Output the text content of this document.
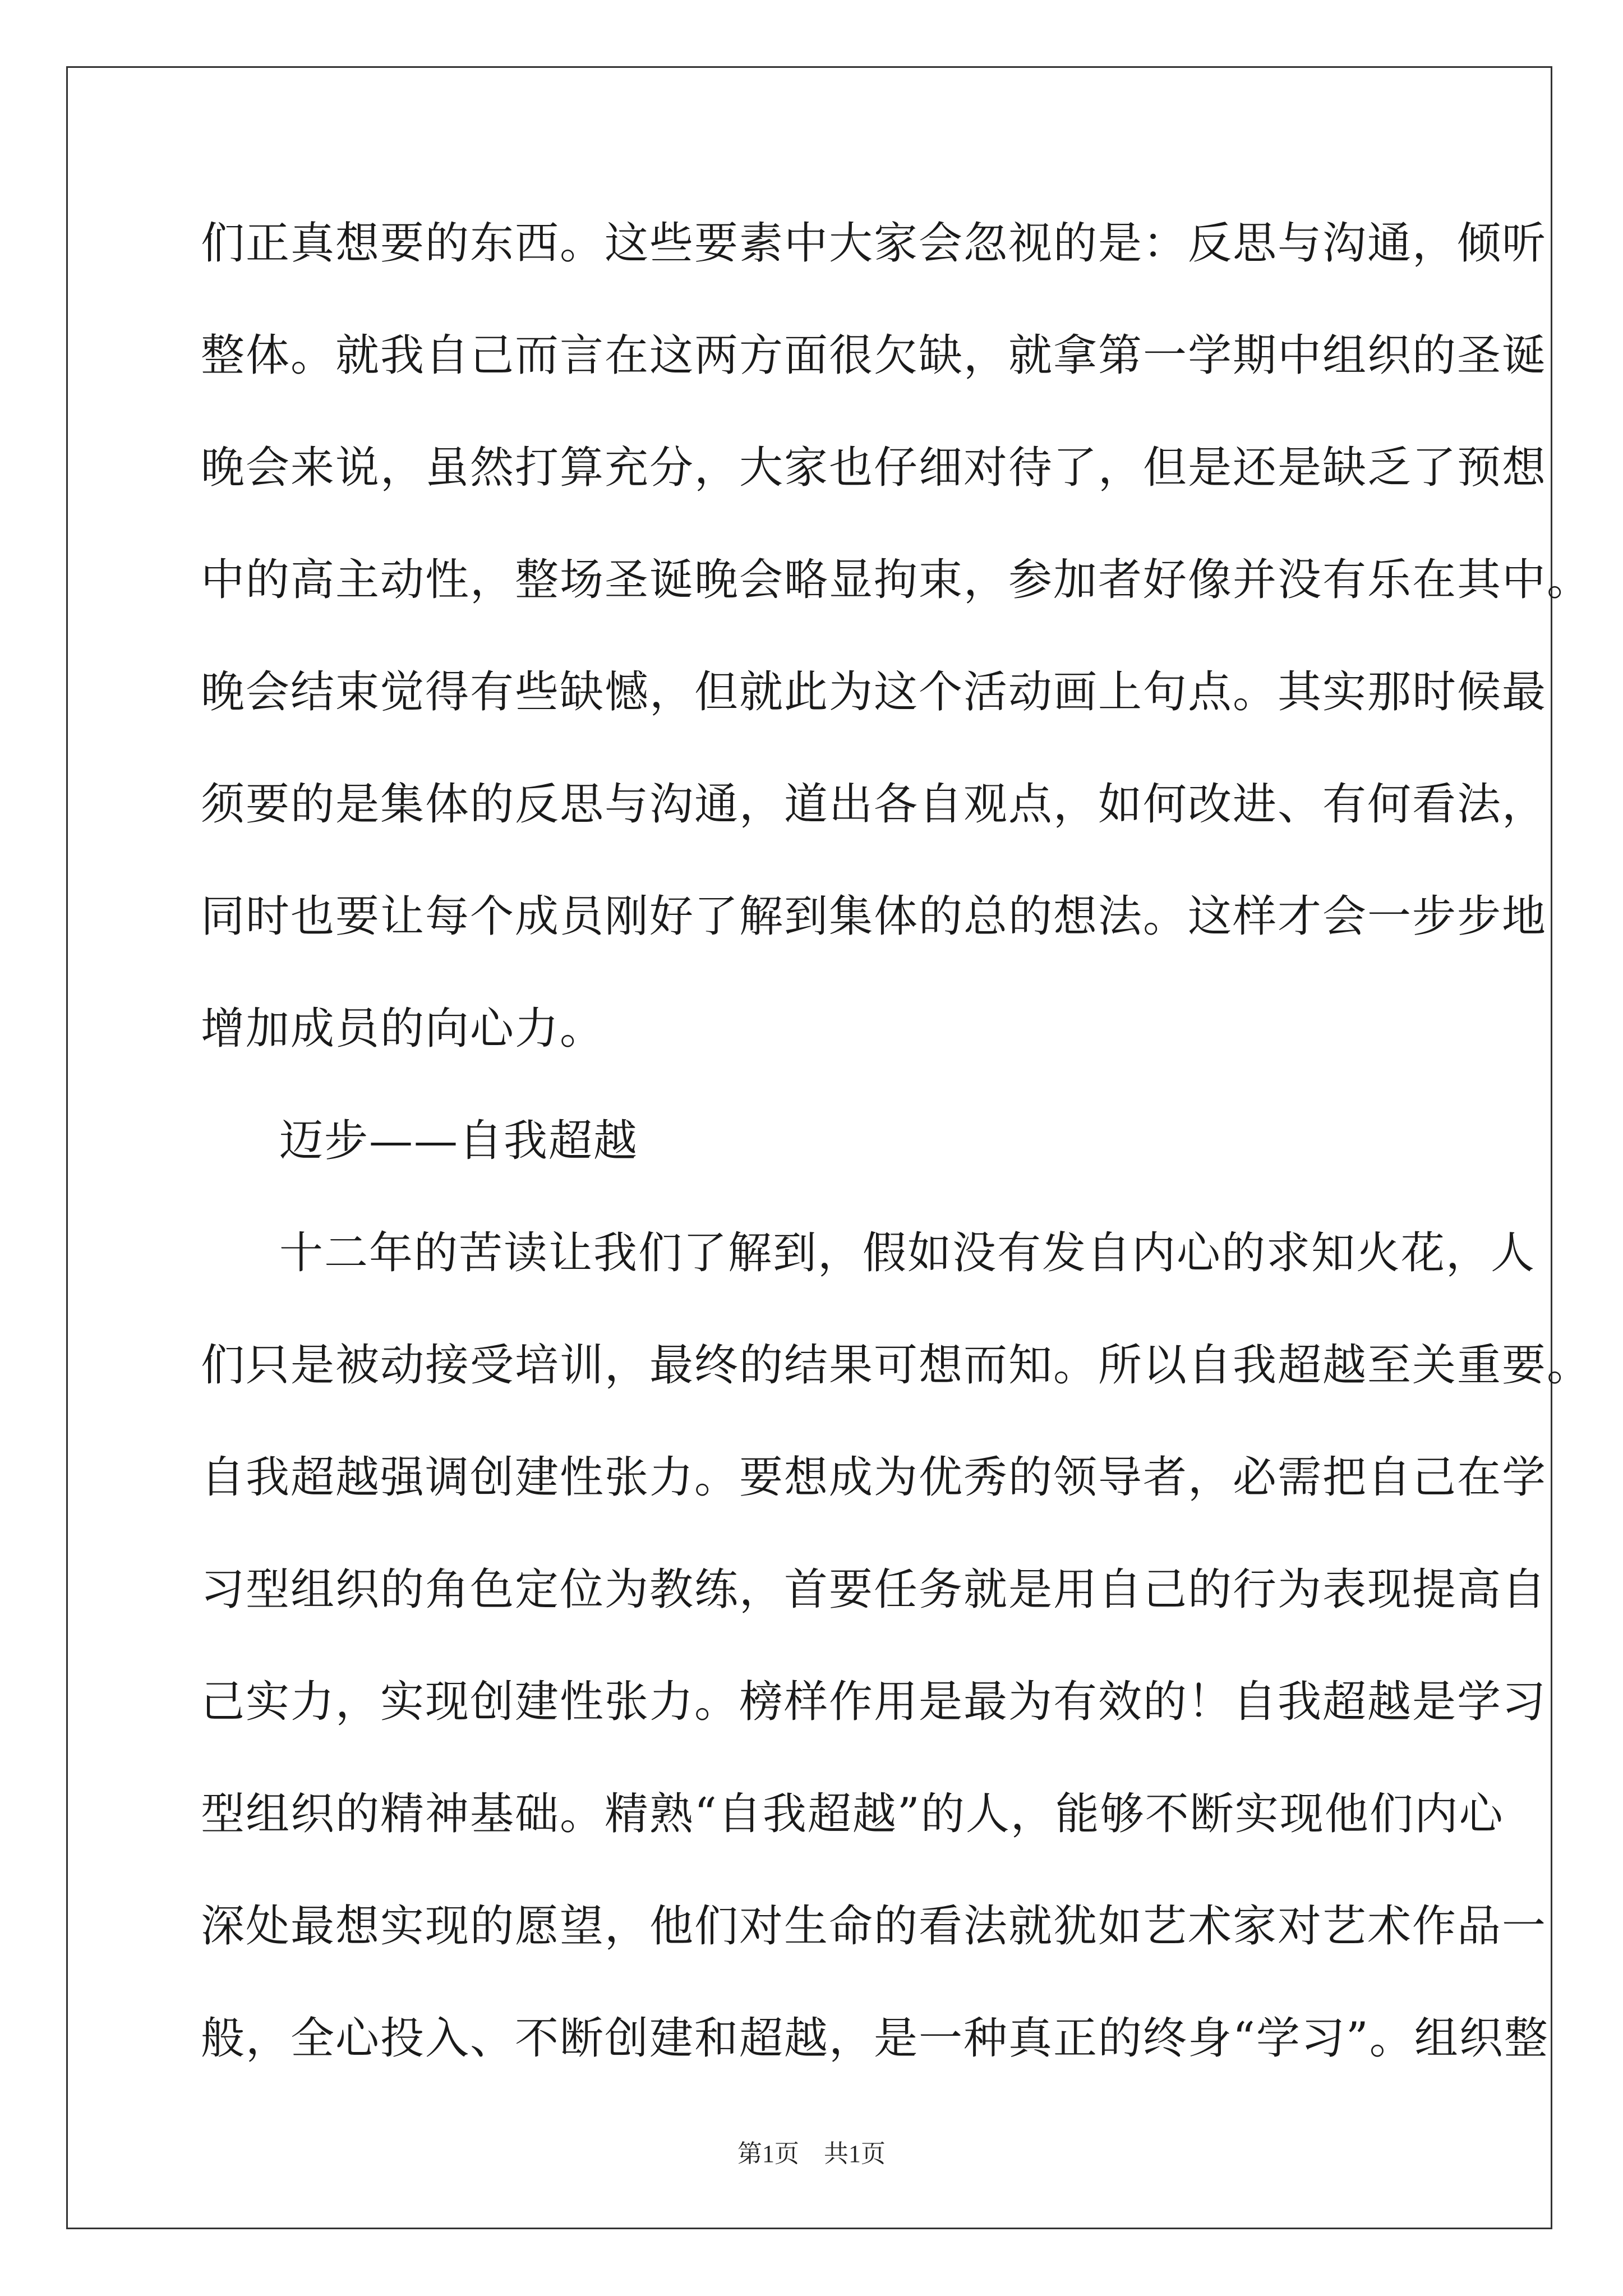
们正真想要的东西。这些要素中大家会忽视的是：反思与沟通，倾听
整体。就我自己而言在这两方面很欠缺，就拿第一学期中组织的圣诞
晚会来说，虽然打算充分，大家也仔细对待了，但是还是缺乏了预想
中的高主动性，整场圣诞晚会略显拘束，参加者好像并没有乐在其中。
晚会结束觉得有些缺憾，但就此为这个活动画上句点。其实那时候最
须要的是集体的反思与沟通，道出各自观点，如何改进、有何看法，
同时也要让每个成员刚好了解到集体的总的想法。这样才会一步步地
增加成员的向心力。
迈步——自我超越
十二年的苦读让我们了解到，假如没有发自内心的求知火花，人
们只是被动接受培训，最终的结果可想而知。所以自我超越至关重要。
自我超越强调创建性张力。要想成为优秀的领导者，必需把自己在学
习型组织的角色定位为教练，首要任务就是用自己的行为表现提高自
己实力，实现创建性张力。榜样作用是最为有效的！自我超越是学习
型组织的精神基础。精熟“自我超越”的人，能够不断实现他们内心
深处最想实现的愿望，他们对生命的看法就犹如艺术家对艺术作品一
般，全心投入、不断创建和超越，是一种真正的终身“学习”。组织整
第1页　共1页
